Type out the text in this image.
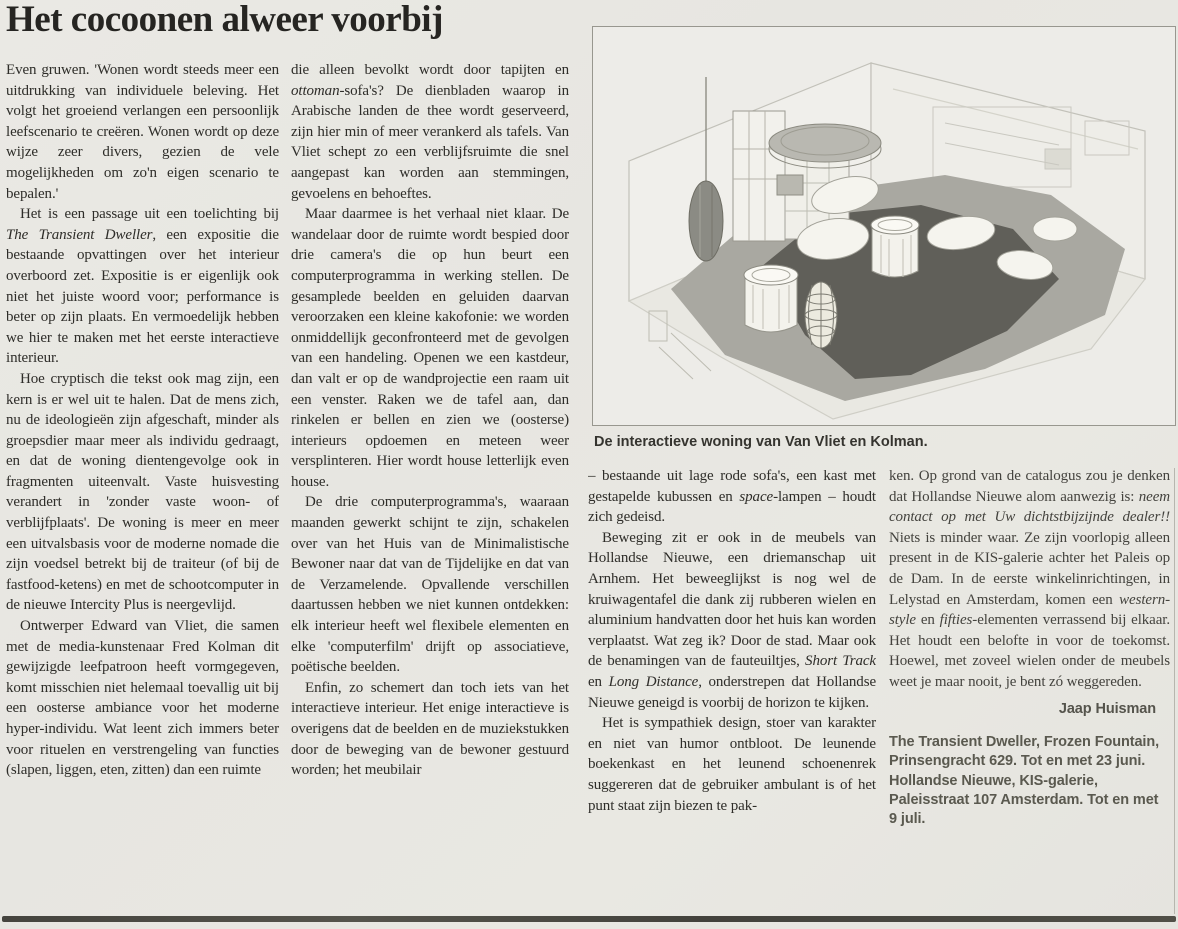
Het cocoonen alweer voorbij

Even gruwen. 'Wonen wordt steeds meer een uitdrukking van individuele beleving. Het volgt het groeiend verlangen een persoonlijk leefscenario te creëren. Wonen wordt op deze wijze zeer divers, gezien de vele mogelijkheden om zo'n eigen scenario te bepalen.'

Het is een passage uit een toelichting bij The Transient Dweller, een expositie die bestaande opvattingen over het interieur overboord zet. Expositie is er eigenlijk ook niet het juiste woord voor; performance is beter op zijn plaats. En vermoedelijk hebben we hier te maken met het eerste interactieve interieur.

Hoe cryptisch die tekst ook mag zijn, een kern is er wel uit te halen. Dat de mens zich, nu de ideologieën zijn afgeschaft, minder als groepsdier maar meer als individu gedraagt, en dat de woning dientengevolge ook in fragmenten uiteenvalt. Vaste huisvesting verandert in 'zonder vaste woon- of verblijfplaats'. De woning is meer en meer een uitvalsbasis voor de moderne nomade die zijn voedsel betrekt bij de traiteur (of bij de fastfood-ketens) en met de schootcomputer in de nieuwe Intercity Plus is neergevlijd.

Ontwerper Edward van Vliet, die samen met de media-kunstenaar Fred Kolman dit gewijzigde leefpatroon heeft vormgegeven, komt misschien niet helemaal toevallig uit bij een oosterse ambiance voor het moderne hyper-individu. Wat leent zich immers beter voor rituelen en verstrengeling van functies (slapen, liggen, eten, zitten) dan een ruimte

die alleen bevolkt wordt door tapijten en ottoman-sofa's? De dienbladen waarop in Arabische landen de thee wordt geserveerd, zijn hier min of meer verankerd als tafels. Van Vliet schept zo een verblijfsruimte die snel aangepast kan worden aan stemmingen, gevoelens en behoeftes.

Maar daarmee is het verhaal niet klaar. De wandelaar door de ruimte wordt bespied door drie camera's die op hun beurt een computerprogramma in werking stellen. De gesamplede beelden en geluiden daarvan veroorzaken een kleine kakofonie: we worden onmiddellijk geconfronteerd met de gevolgen van een handeling. Openen we een kastdeur, dan valt er op de wandprojectie een raam uit een venster. Raken we de tafel aan, dan rinkelen er bellen en zien we (oosterse) interieurs opdoemen en meteen weer versplinteren. Hier wordt house letterlijk even house.

De drie computerprogramma's, waaraan maanden gewerkt schijnt te zijn, schakelen over van het Huis van de Minimalistische Bewoner naar dat van de Tijdelijke en dat van de Verzamelende. Opvallende verschillen daartussen hebben we niet kunnen ontdekken: elk interieur heeft wel flexibele elementen en elke 'computerfilm' drijft op associatieve, poëtische beelden.

Enfin, zo schemert dan toch iets van het interactieve interieur. Het enige interactieve is overigens dat de beelden en de muziekstukken door de beweging van de bewoner gestuurd worden; het meubilair

De interactieve woning van Van Vliet en Kolman.

– bestaande uit lage rode sofa's, een kast met gestapelde kubussen en space-lampen – houdt zich gedeisd.

Beweging zit er ook in de meubels van Hollandse Nieuwe, een driemanschap uit Arnhem. Het beweeglijkst is nog wel de kruiwagentafel die dank zij rubberen wielen en aluminium handvatten door het huis kan worden verplaatst. Wat zeg ik? Door de stad. Maar ook de benamingen van de fauteuiltjes, Short Track en Long Distance, onderstrepen dat Hollandse Nieuwe geneigd is voorbij de horizon te kijken.

Het is sympathiek design, stoer van karakter en niet van humor ontbloot. De leunende boekenkast en het leunend schoenenrek suggereren dat de gebruiker ambulant is of het punt staat zijn biezen te pak-

ken. Op grond van de catalogus zou je denken dat Hollandse Nieuwe alom aanwezig is: neem contact op met Uw dichtstbijzijnde dealer!! Niets is minder waar. Ze zijn voorlopig alleen present in de KIS-galerie achter het Paleis op de Dam. In de eerste winkelinrichtingen, in Lelystad en Amsterdam, komen een western-style en fifties-elementen verrassend bij elkaar. Het houdt een belofte in voor de toekomst. Hoewel, met zoveel wielen onder de meubels weet je maar nooit, je bent zó weggereden.

Jaap Huisman

The Transient Dweller, Frozen Fountain, Prinsengracht 629. Tot en met 23 juni.

Hollandse Nieuwe, KIS-galerie, Paleisstraat 107 Amsterdam. Tot en met 9 juli.
